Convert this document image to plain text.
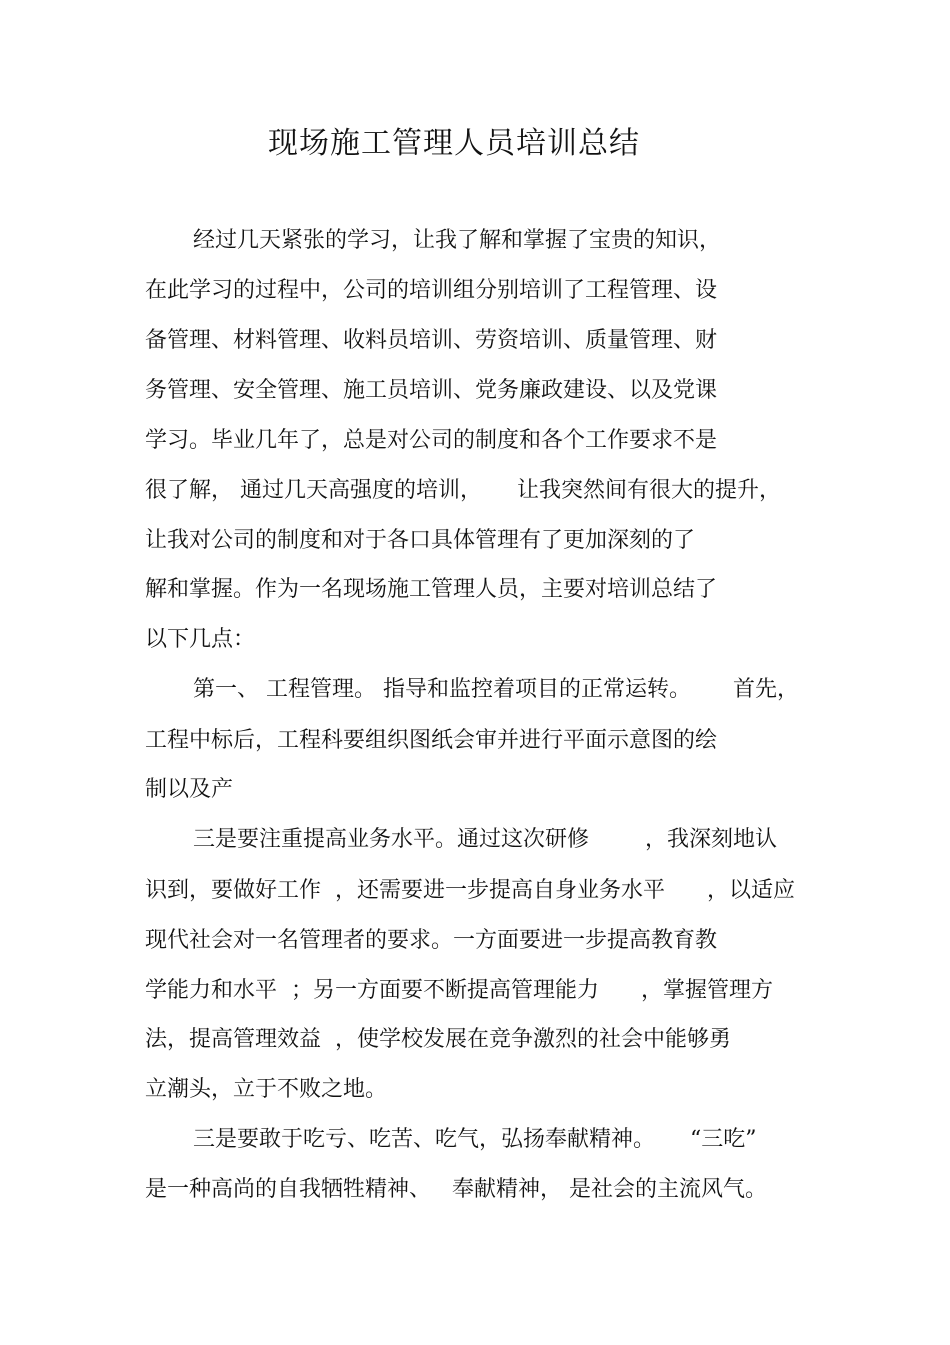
现场施工管理人员培训总结
经过几天紧张的学习，让我了解和掌握了宝贵的知识，
在此学习的过程中，公司的培训组分别培训了工程管理、设
备管理、材料管理、收料员培训、劳资培训、质量管理、财
务管理、安全管理、施工员培训、党务廉政建设、以及党课
学习。毕业几年了，总是对公司的制度和各个工作要求不是
很了解， 通过几天高强度的培训，     让我突然间有很大的提升，
让我对公司的制度和对于各口具体管理有了更加深刻的了
解和掌握。作为一名现场施工管理人员，主要对培训总结了
以下几点：
第一、 工程管理。 指导和监控着项目的正常运转。      首先，
工程中标后，工程科要组织图纸会审并进行平面示意图的绘
制以及产
三是要注重提高业务水平。通过这次研修        ，我深刻地认
识到，要做好工作  ，还需要进一步提高自身业务水平      ，以适应
现代社会对一名管理者的要求。一方面要进一步提高教育教
学能力和水平  ；另一方面要不断提高管理能力      ，掌握管理方
法，提高管理效益  ，使学校发展在竞争激烈的社会中能够勇
立潮头，立于不败之地。
三是要敢于吃亏、吃苦、吃气，弘扬奉献精神。     “三吃”
是一种高尚的自我牺牲精神、   奉献精神， 是社会的主流风气。
